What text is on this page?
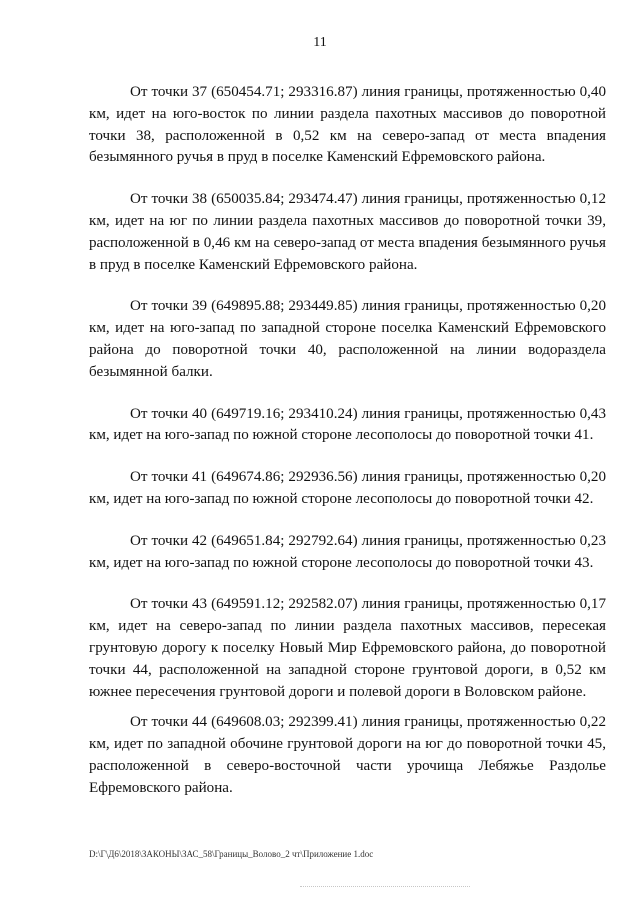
11

От точки 37 (650454.71; 293316.87) линия границы, протяженностью 0,40 км, идет на юго-восток по линии раздела пахотных массивов до поворотной точки 38, расположенной в 0,52 км на северо-запад от места впадения безымянного ручья в пруд в поселке Каменский Ефремовского района.

От точки 38 (650035.84; 293474.47) линия границы, протяженностью 0,12 км, идет на юг по линии раздела пахотных массивов до поворотной точки 39, расположенной в 0,46 км на северо-запад от места впадения безымянного ручья в пруд в поселке Каменский Ефремовского района.

От точки 39 (649895.88; 293449.85) линия границы, протяженностью 0,20 км, идет на юго-запад по западной стороне поселка Каменский Ефремовского района до поворотной точки 40, расположенной на линии водораздела безымянной балки.

От точки 40 (649719.16; 293410.24) линия границы, протяженностью 0,43 км, идет на юго-запад по южной стороне лесополосы до поворотной точки 41.

От точки 41 (649674.86; 292936.56) линия границы, протяженностью 0,20 км, идет на юго-запад по южной стороне лесополосы до поворотной точки 42.

От точки 42 (649651.84; 292792.64) линия границы, протяженностью 0,23 км, идет на юго-запад по южной стороне лесополосы до поворотной точки 43.

От точки 43 (649591.12; 292582.07) линия границы, протяженностью 0,17 км, идет на северо-запад по линии раздела пахотных массивов, пересекая грунтовую дорогу к поселку Новый Мир Ефремовского района, до поворотной точки 44, расположенной на западной стороне грунтовой дороги, в 0,52 км южнее пересечения грунтовой дороги и полевой дороги в Воловском районе.

От точки 44 (649608.03; 292399.41) линия границы, протяженностью 0,22 км, идет по западной обочине грунтовой дороги на юг до поворотной точки 45, расположенной в северо-восточной части урочища Лебяжье Раздолье Ефремовского района.

D:\Г\Д6\2018\ЗАКОНЫ\ЗАС_58\Границы_Волово_2 чт\Приложение 1.doc
